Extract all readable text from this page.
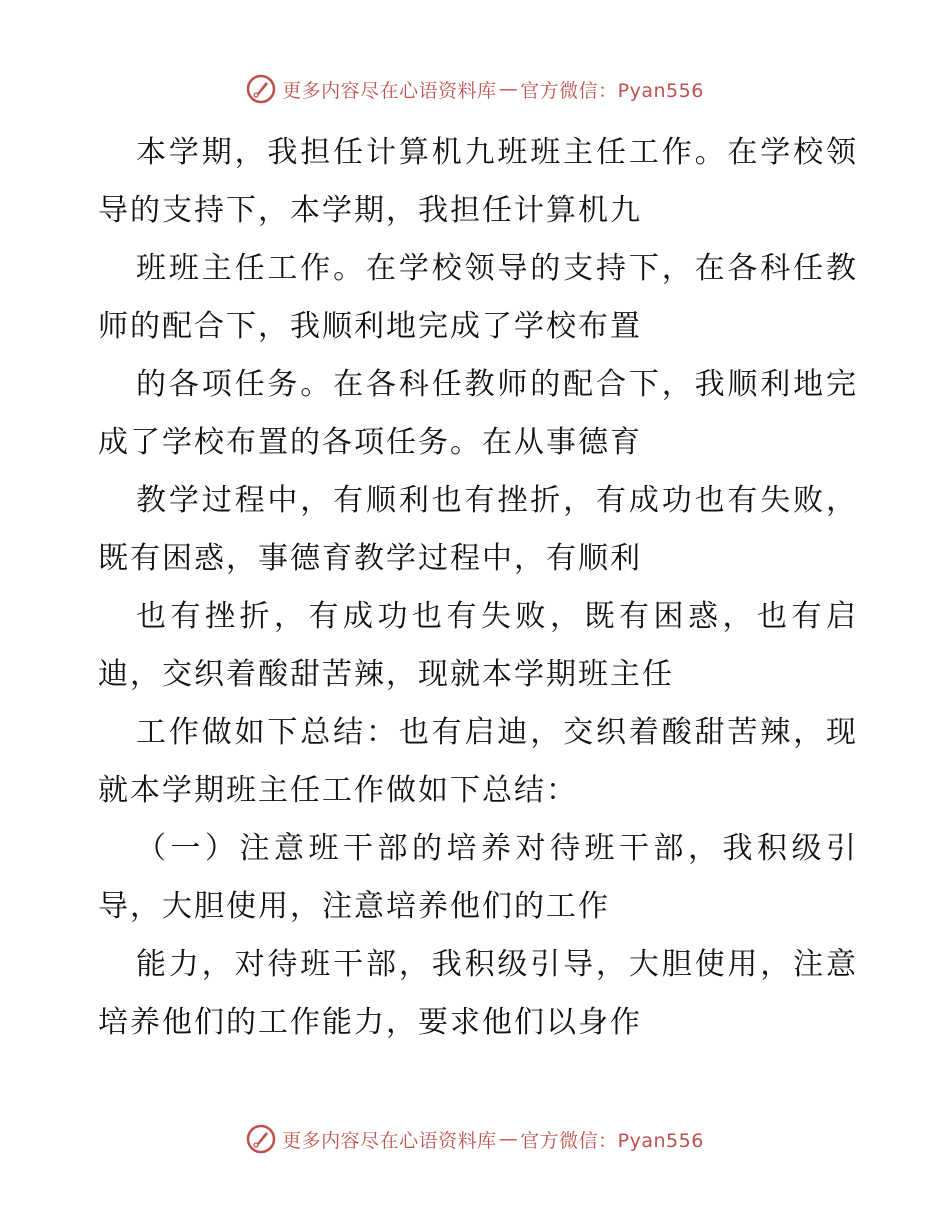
更多内容尽在心语资料库 — 官方微信：Pyan556

本学期，我担任计算机九班班主任工作。在学校领导的支持下，本学期，我担任计算机九

班班主任工作。在学校领导的支持下，在各科任教师的配合下，我顺利地完成了学校布置

的各项任务。在各科任教师的配合下，我顺利地完成了学校布置的各项任务。在从事德育

教学过程中，有顺利也有挫折，有成功也有失败，既有困惑，事德育教学过程中，有顺利

也有挫折，有成功也有失败，既有困惑，也有启迪，交织着酸甜苦辣，现就本学期班主任

工作做如下总结：也有启迪，交织着酸甜苦辣，现就本学期班主任工作做如下总结：

（一）注意班干部的培养对待班干部，我积级引导，大胆使用，注意培养他们的工作

能力，对待班干部，我积级引导，大胆使用，注意培养他们的工作能力，要求他们以身作

更多内容尽在心语资料库 — 官方微信：Pyan556
